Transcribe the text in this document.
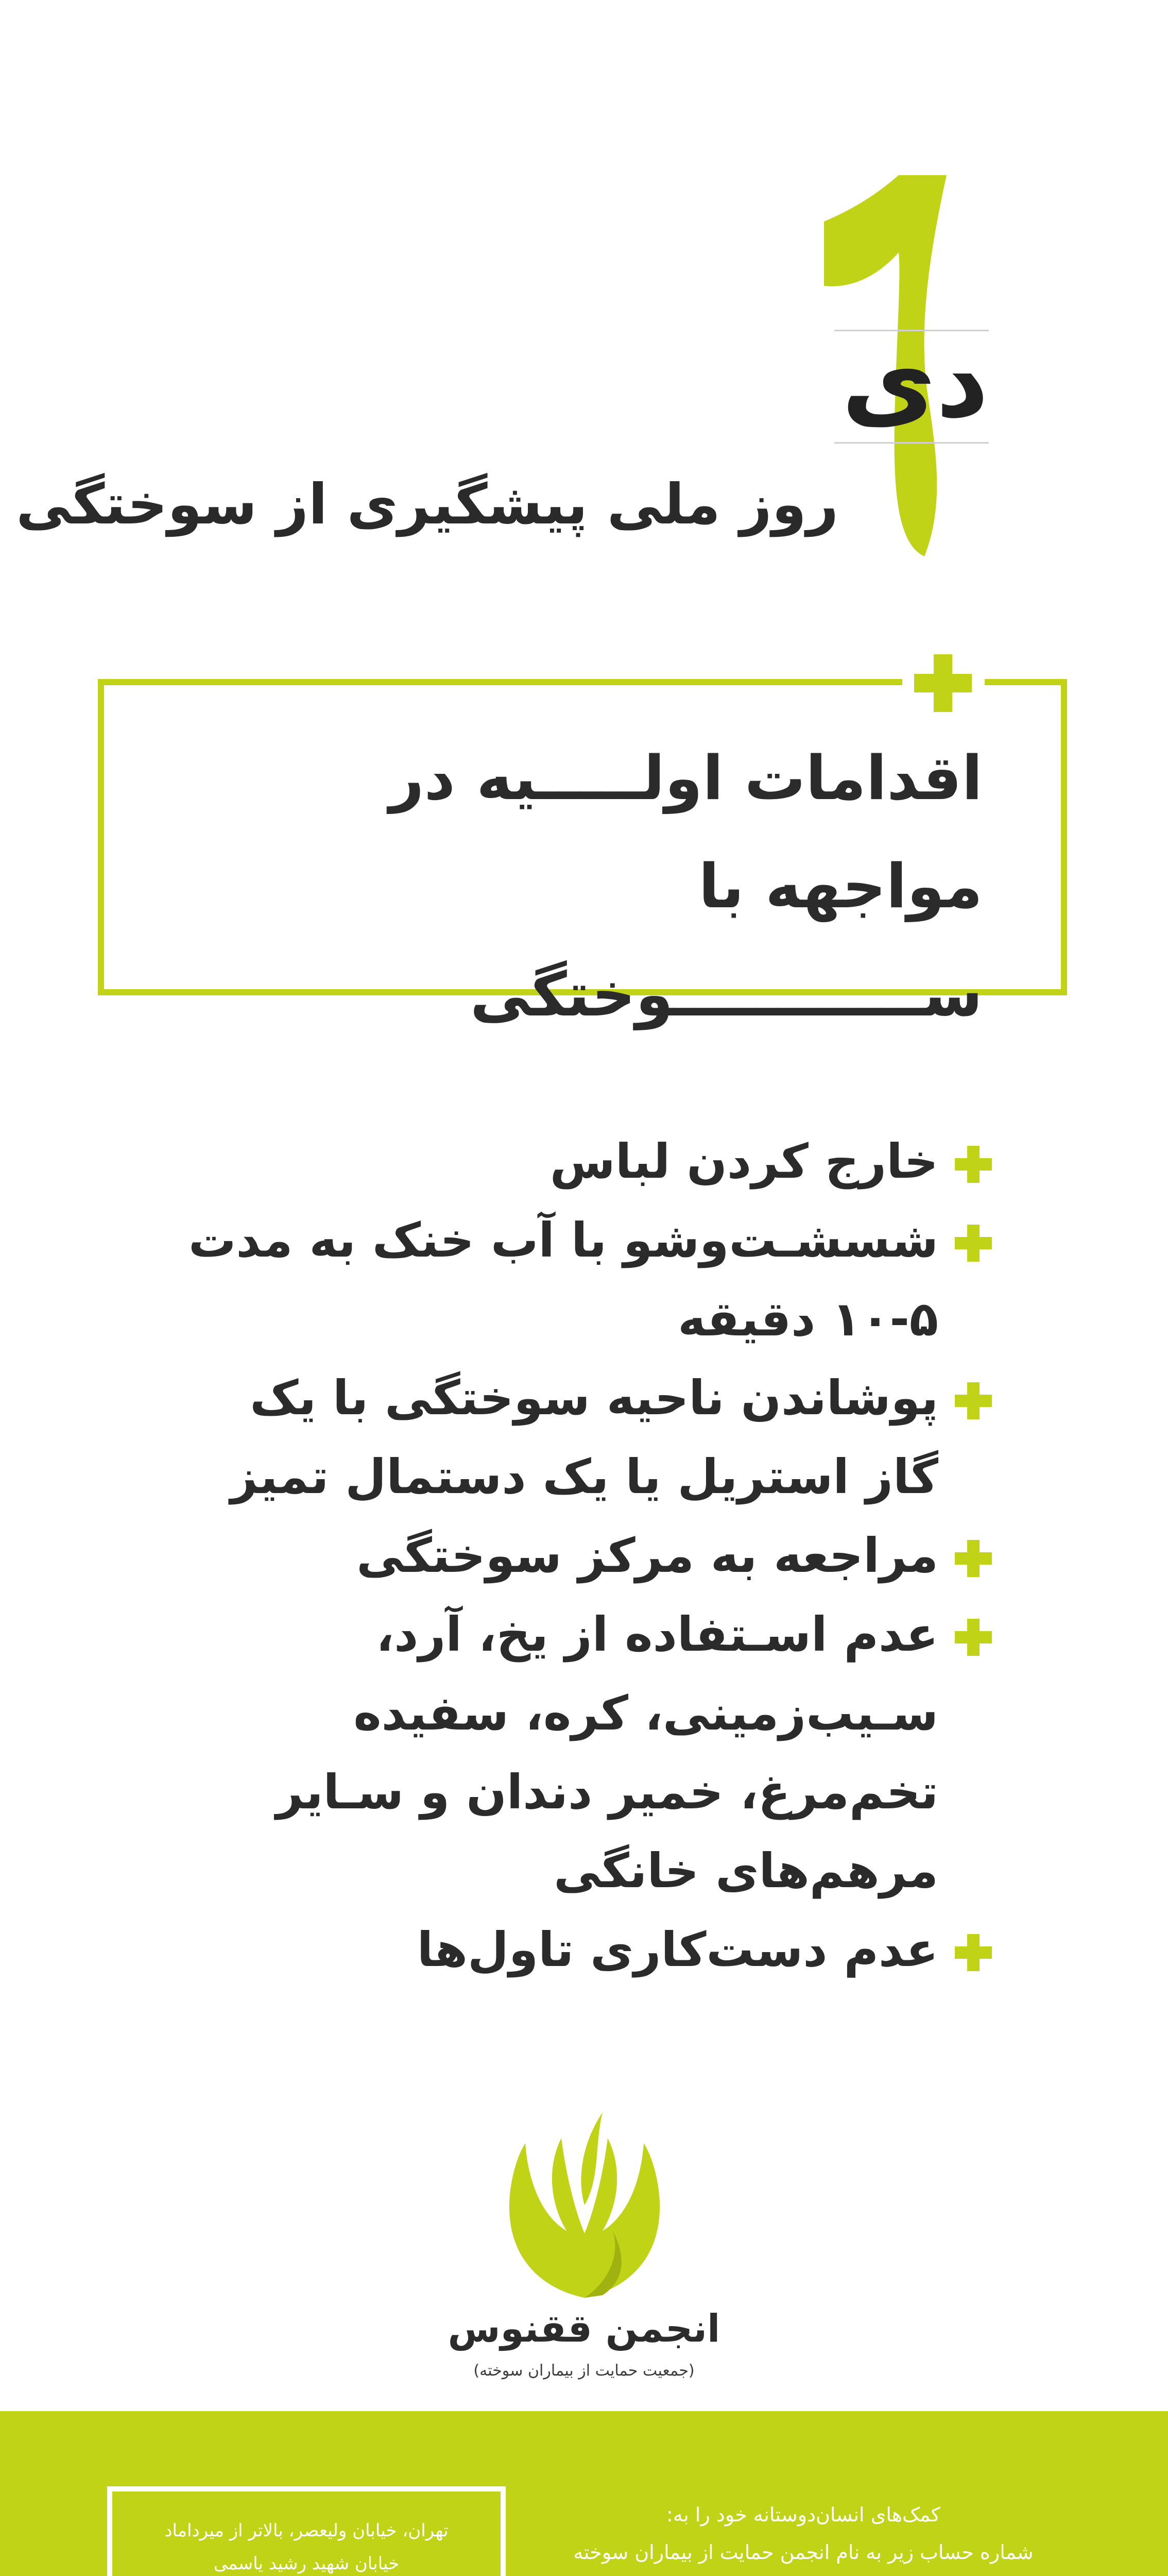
دی
روز ملی پیشگیری از سوختگی
اقدامات اولـــــیه در مواجهه با
ســــــــــــوختگی
خارج کردن لباس
شسشـت‌وشو با آب خنک به مدت ۵-۱۰ دقیقه
پوشاندن ناحیه سوختگی با یک گاز استریل یا یک دستمال تمیز
مراجعه به مرکز سوختگی
عدم اسـتفاده از یخ، آرد، سـیب‌زمینی، کره، سفیده تخم‌مرغ، خمیر دندان و سـایر مرهم‌های خانگی
عدم دست‌کاری تاول‌ها
انجمن ققنوس
(جمعیت حمایت از بیماران سوخته)
تهران، خیابان ولیعصر، بالاتر از میرداماد
خیابان شهید رشید یاسمی
کمک‌های انسان‌دوستانه خود را به:
شماره حساب زیر به نام انجمن حمایت از بیماران سوخته
